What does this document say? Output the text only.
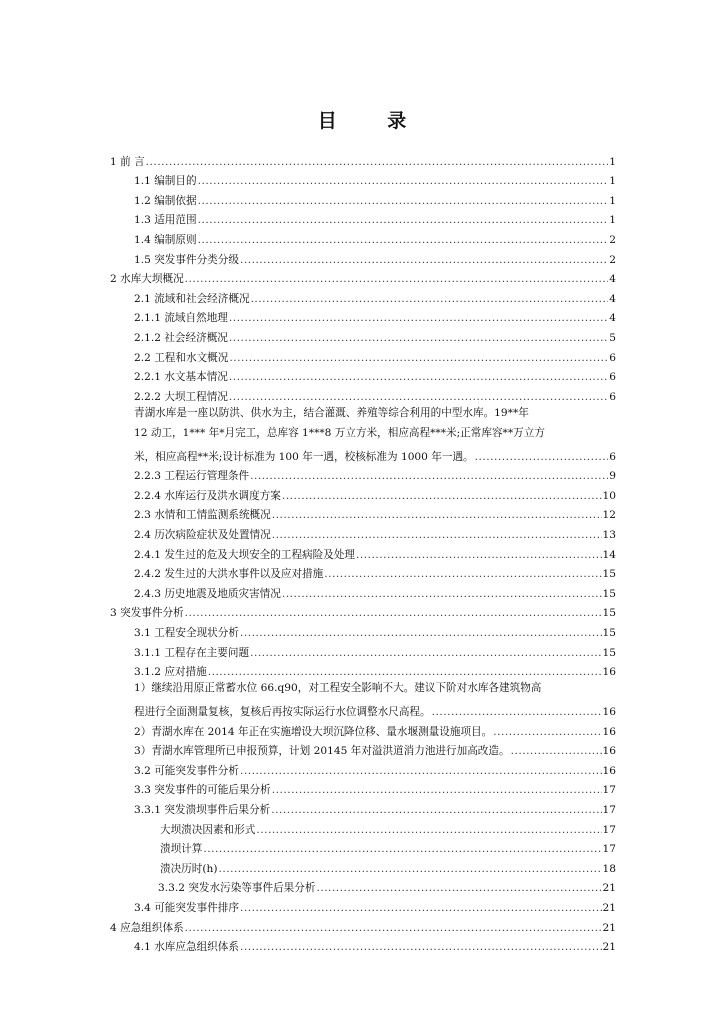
目 录
1 前 言 .....	1
1.1 编制目的 .....	1
1.2 编制依据 .....	1
1.3 适用范围 .....	1
1.4 编制原则 .....	2
1.5 突发事件分类分级 .....	2
2 水库大坝概况 .....	4
2.1 流域和社会经济概况 .....	4
2.1.1 流域自然地理 .....	4
2.1.2 社会经济概况 .....	5
2.2 工程和水文概况 .....	6
2.2.1 水文基本情况 .....	6
2.2.2 大坝工程情况 .....	6
青湖水库是一座以防洪、供水为主，结合灌溉、养殖等综合利用的中型水库。19**年
12 动工，1*** 年*月完工，总库容 1***8 万立方米，相应高程***米;正常库容**万立方
米，相应高程**米;设计标准为 100 年一遇，校核标准为 1000 年一遇。 .....	6
2.2.3 工程运行管理条件 .....	9
2.2.4 水库运行及洪水调度方案 .....	10
2.3 水情和工情监测系统概况 .....	12
2.4 历次病险症状及处置情况 .....	13
2.4.1 发生过的危及大坝安全的工程病险及处理 .....	14
2.4.2 发生过的大洪水事件以及应对措施 .....	15
2.4.3 历史地震及地质灾害情况 .....	15
3 突发事件分析 .....	15
3.1 工程安全现状分析 .....	15
3.1.1 工程存在主要问题 .....	15
3.1.2 应对措施 .....	16
1）继续沿用原正常蓄水位 66.q90，对工程安全影响不大。建议下阶对水库各建筑物高
程进行全面测量复核，复核后再按实际运行水位调整水尺高程。 .....	16
2）青湖水库在 2014 年正在实施增设大坝沉降位移、量水堰测量设施项目。 .....	16
3）青湖水库管理所已申报预算，计划 20145 年对溢洪道消力池进行加高改造。 .....	16
3.2 可能突发事件分析 .....	16
3.3 突发事件的可能后果分析 .....	17
3.3.1 突发溃坝事件后果分析 .....	17
大坝溃决因素和形式 .....	17
溃坝计算 .....	17
溃决历时(h) .....	18
3.3.2 突发水污染等事件后果分析 .....	21
3.4 可能突发事件排序 .....	21
4 应急组织体系 .....	21
4.1 水库应急组织体系 .....	21
